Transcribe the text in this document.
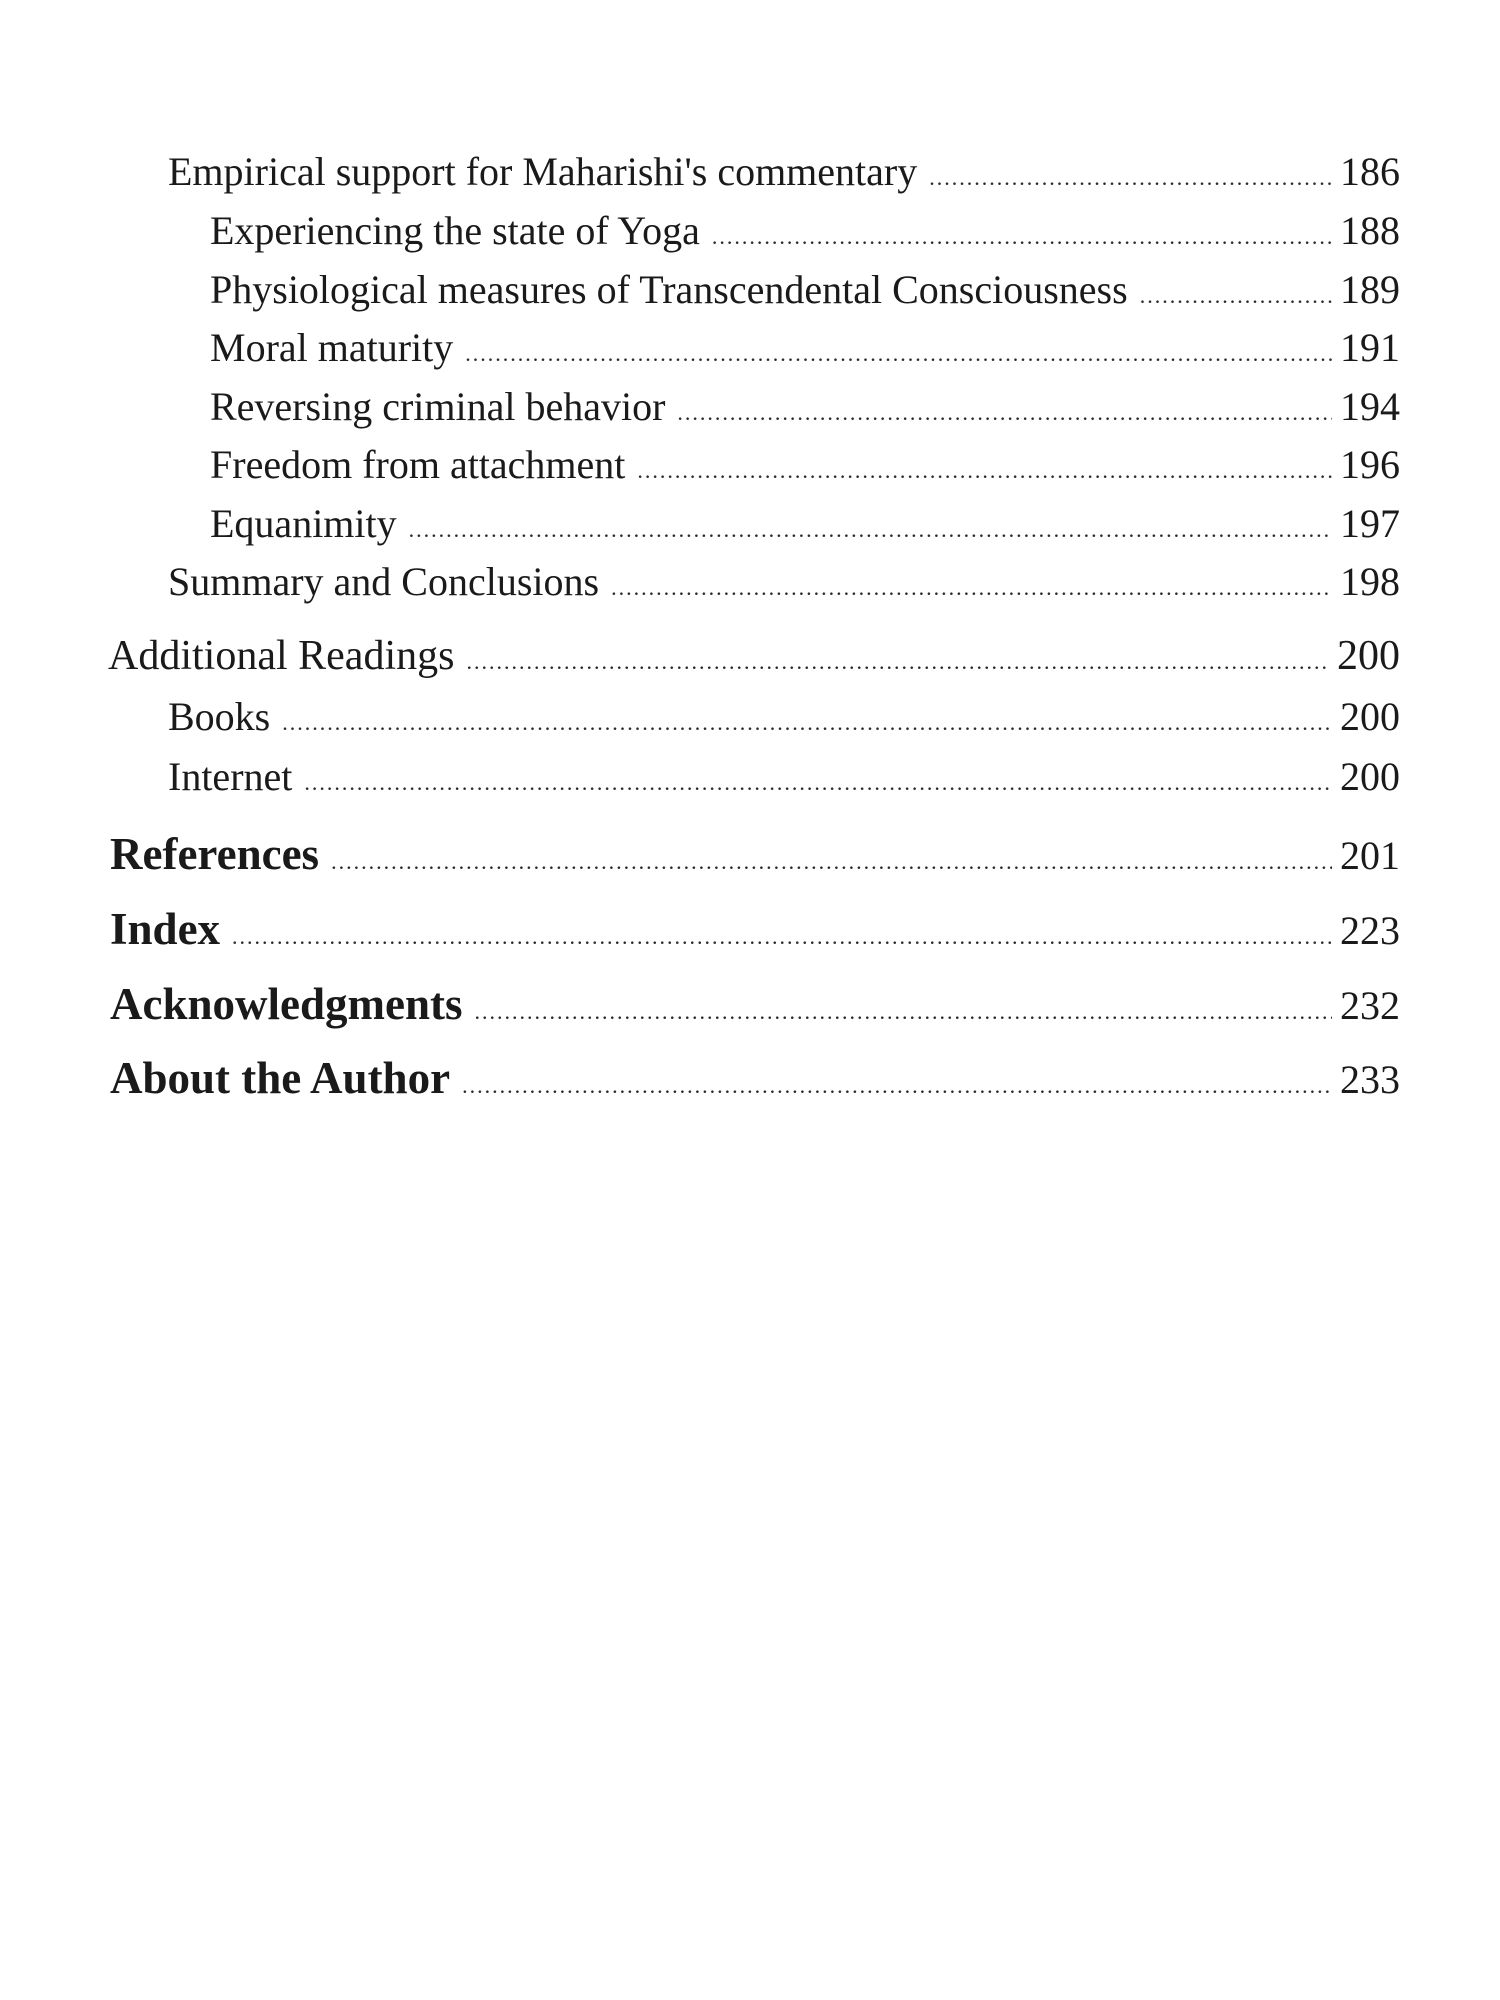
Empirical support for Maharishi's commentary .....	186
Experiencing the state of Yoga .....	188
Physiological measures of Transcendental Consciousness .....	189
Moral maturity .....	191
Reversing criminal behavior .....	194
Freedom from attachment .....	196
Equanimity .....	197
Summary and Conclusions .....	198
Additional Readings .....	200
Books .....	200
Internet .....	200
References .....	201
Index .....	223
Acknowledgments .....	232
About the Author .....	233
